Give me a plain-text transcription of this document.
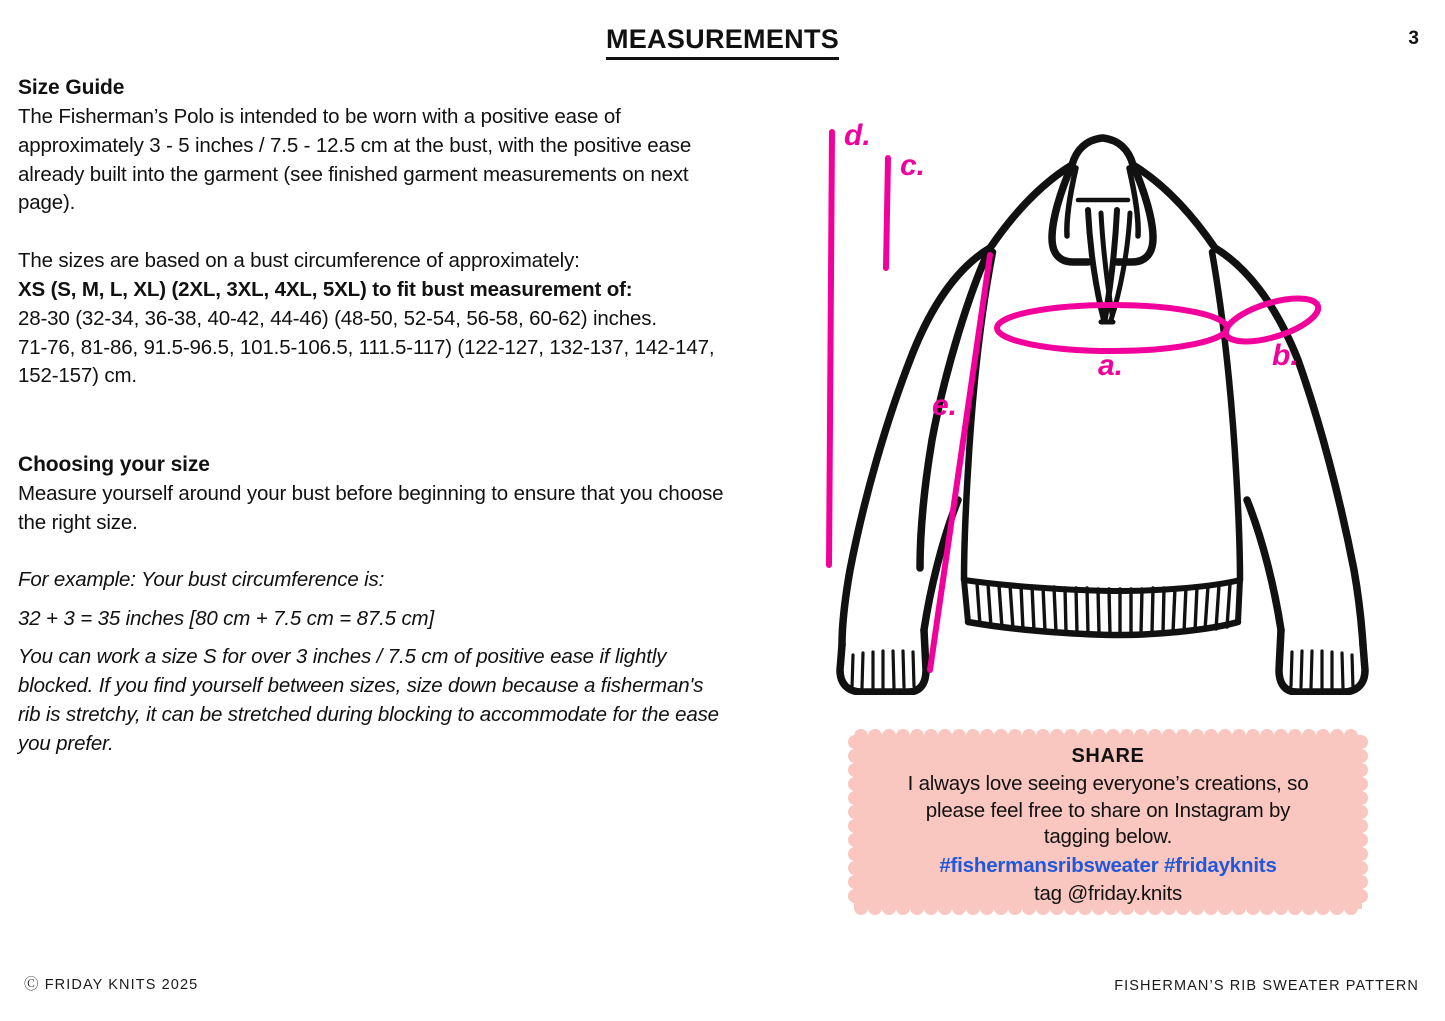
MEASUREMENTS	3
Size Guide

The Fisherman’s Polo is intended to be worn with a positive ease of approximately 3 - 5 inches / 7.5 - 12.5 cm at the bust, with the positive ease already built into the garment (see finished garment measurements on next page).

The sizes are based on a bust circumference of approximately:

XS (S, M, L, XL) (2XL, 3XL, 4XL, 5XL) to fit bust measurement of:

28-30 (32-34, 36-38, 40-42, 44-46) (48-50, 52-54, 56-58, 60-62) inches.

71-76, 81-86, 91.5-96.5, 101.5-106.5, 111.5-117) (122-127, 132-137, 142-147, 152-157) cm.

Choosing your size

Measure yourself around your bust before beginning to ensure that you choose the right size.

For example: Your bust circumference is:

32 + 3 = 35 inches [80 cm + 7.5 cm = 87.5 cm]

You can work a size S for over 3 inches / 7.5 cm of positive ease if lightly blocked. If you find yourself between sizes, size down because a fisherman's rib is stretchy, it can be stretched during blocking to accommodate for the ease you prefer.

d.
c.
a.	b.
e.
SHARE
I always love seeing everyone’s creations, so
please feel free to share on Instagram by
tagging below.
#fishermansribsweater #fridayknits
tag @friday.knits
Ⓒ FRIDAY KNITS 2025	FISHERMAN’S RIB SWEATER PATTERN
